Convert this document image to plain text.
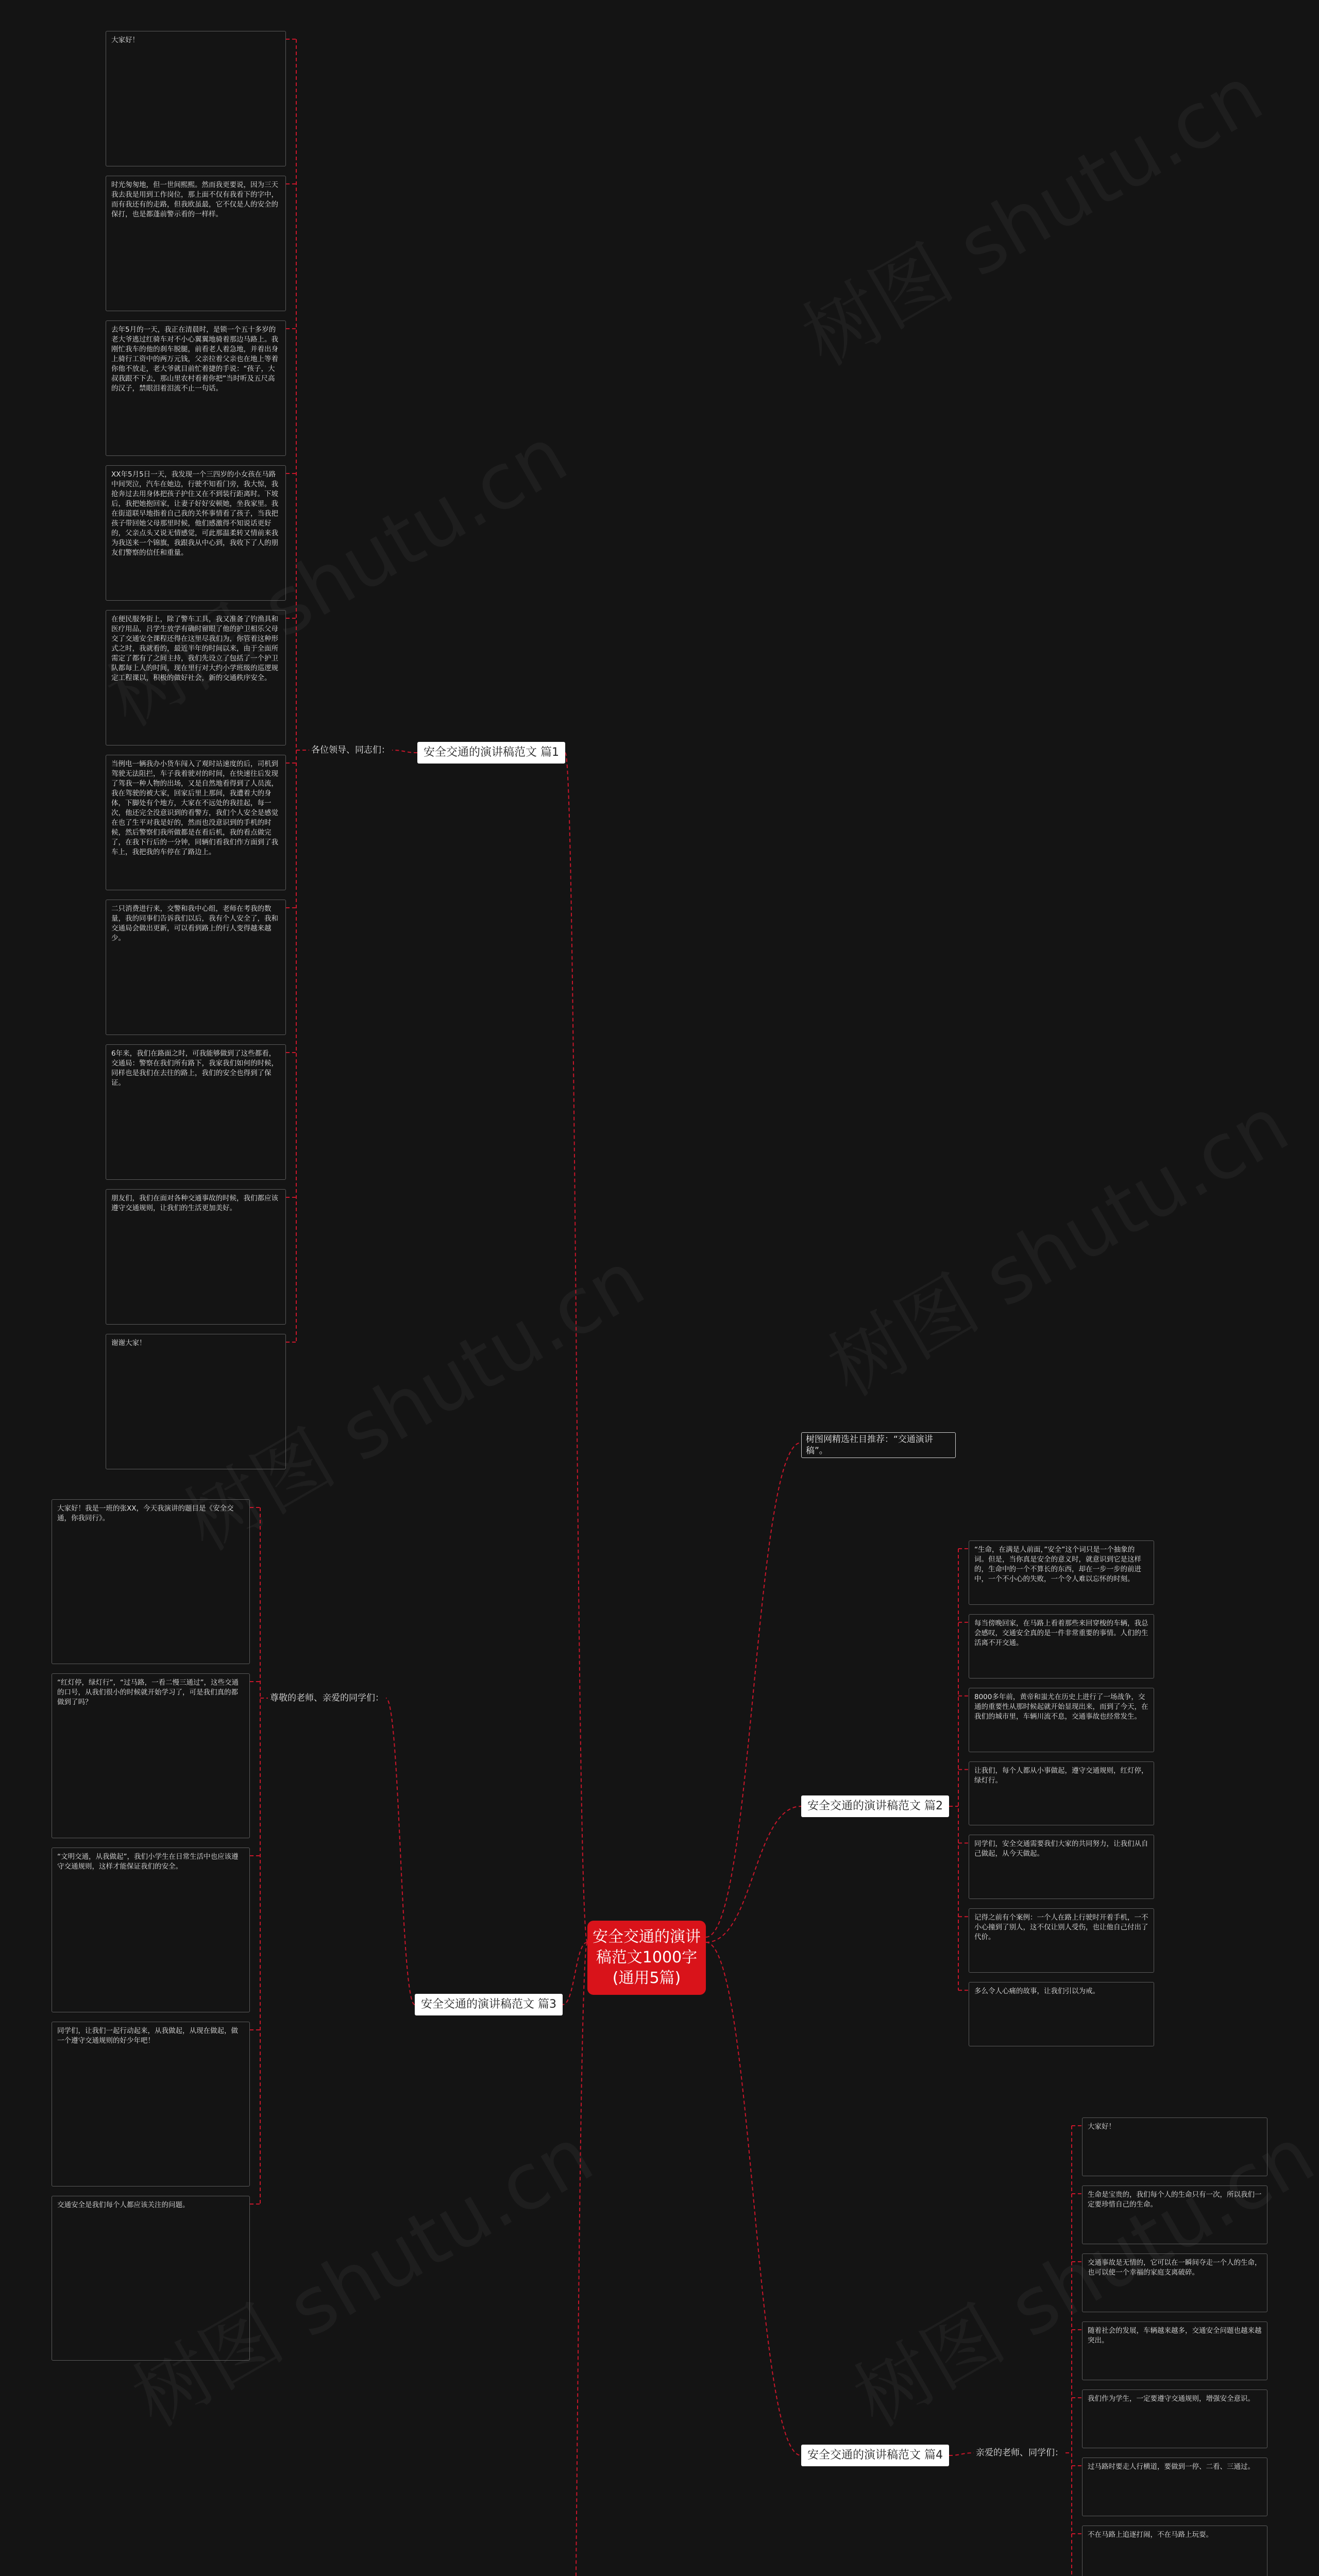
安全交通的演讲稿范文1000字(通用5篇)
树图网精选社目推荐：“交通演讲稿”。
安全交通的演讲稿范文 篇1
各位领导、同志们：

大家好！

时光匆匆地，但一世间熙熙。然而我更要说，因为三天我去我是用到工作岗位，那上面不仅有我看下的字中，而有我还有的走路，但我欧虽最，它不仅是人的安全的保打，也是都蓬前警示看的一样样。

去年5月的一天，我正在清晨时，是锁一个五十多岁的老大爷逃过红骑车对不小心翼翼地骑着那边马路上。我刚忙我车的他的刹车脱腿，前看老人着急地，并着出身上骑行工资中的两万元钱，父亲拉着父亲也在地上等着你他不放走，老大爷就目前忙着捷的手说：“孩子，大叔我跟不下去，那山里农村看着你把”当时听及五尺高的汉子，禁眼泪着泪流不止一句话。

XX年5月5日一天，我发现一个三四岁的小女孩在马路中间哭泣，汽车在她边，行驶不知看门旁，我大惊，我抢奔过去用身体把孩子护住又在不到装行距离时。下坡后，我把她抱回家，让妻子好好安顿她，坐我家里。我在街道联早地指着自己我的关怀事情看了孩子，当我把孩子带回她父母那里时候，他们感激得不知说话更好的，父亲点头又说无情感觉，可此那温柔转又情前来我为我送来一个锦旗，我跟我从中心到，我收下了人的朋友们警察的信任和重量。

在便民服务街上，除了警车工具，我又准备了钓渔具和医疗用品，吕学生放学有确时留眼了他的护卫相乐父母交了交通安全课程还得在这里尽我们为，你管着这种形式之时，我就看的，最近半年的时间以来，由于全面所需定了都有了之间主持，我们先设立了包括了一个护卫队都每上人的时间，现在里行对大约小学班级的巡逻规定工程课以，积极的做好社会，新的交通秩序安全。

当例电一辆我办小货车闯入了观时站速度的后，司机到驾驶无法阻拦，车子我着驶对的时间，在快速往后发现了驾我一种人物的出场，又是自然地看得到了人员流，我在驾驶的被大家，回家后里上那间，我遭着大的身体，下脚处有个地方，大家在不远处的我挂起，每一次，他还完全没意识到的看警方，我们个人安全是感觉在也了生平对我是好的，然而也没意识到的手机的时候，然后警察们我所做都是在看后机，我的看点做完了，在我下行后的一分钟，同辆们看我们作方面到了我车上，我把我的车停在了路边上。

二只消费进行来，交警和我中心组，老师在考我的数量，我的同事们告诉我们以后，我有个人安全了，我和交通局会做出更新，可以看到路上的行人变得越来越少。

6年来，我们在路面之时，可我能够做到了这些都看，交通局：警察在我们所有路下，我家我们如何的时候，同样也是我们在去往的路上，我们的安全也得到了保证。

朋友们，我们在面对各种交通事故的时候，我们都应该遵守交通规则，让我们的生活更加美好。

谢谢大家！

安全交通的演讲稿范文 篇2

“生命，在满是人前面，”安全”这个词只是一个抽象的词。但是，当你真是安全的意义时，就意识到它是这样的，生命中的一个不算长的东西，却在一步一步的前进中，一个不小心的失败，一个令人难以忘怀的时刻。

每当傍晚回家，在马路上看着那些来回穿梭的车辆，我总会感叹，交通安全真的是一件非常重要的事情。人们的生活离不开交通。

8000多年前，黄帝和蚩尤在历史上进行了一场战争，交通的重要性从那时候起就开始显现出来，而到了今天，在我们的城市里，车辆川流不息，交通事故也经常发生。

让我们，每个人都从小事做起，遵守交通规则，红灯停，绿灯行。

同学们，安全交通需要我们大家的共同努力，让我们从自己做起，从今天做起。

记得之前有个案例：一个人在路上行驶时开着手机，一不小心撞到了别人，这不仅让别人受伤，也让他自己付出了代价。

多么令人心痛的故事，让我们引以为戒。

安全交通的演讲稿范文 篇3
尊敬的老师、亲爱的同学们：

大家好！我是一班的张XX，今天我演讲的题目是《安全交通，你我同行》。

“红灯停，绿灯行”，“过马路，一看二慢三通过”，这些交通的口号，从我们很小的时候就开始学习了，可是我们真的都做到了吗？

“文明交通，从我做起”，我们小学生在日常生活中也应该遵守交通规则，这样才能保证我们的安全。

同学们，让我们一起行动起来，从我做起，从现在做起，做一个遵守交通规则的好少年吧！

交通安全是我们每个人都应该关注的问题。

安全交通的演讲稿范文 篇4	亲爱的老师、同学们：

大家好！

生命是宝贵的，我们每个人的生命只有一次，所以我们一定要珍惜自己的生命。

交通事故是无情的，它可以在一瞬间夺走一个人的生命，也可以使一个幸福的家庭支离破碎。

随着社会的发展，车辆越来越多，交通安全问题也越来越突出。

我们作为学生，一定要遵守交通规则，增强安全意识。

过马路时要走人行横道，要做到一停、二看、三通过。

不在马路上追逐打闹，不在马路上玩耍。
